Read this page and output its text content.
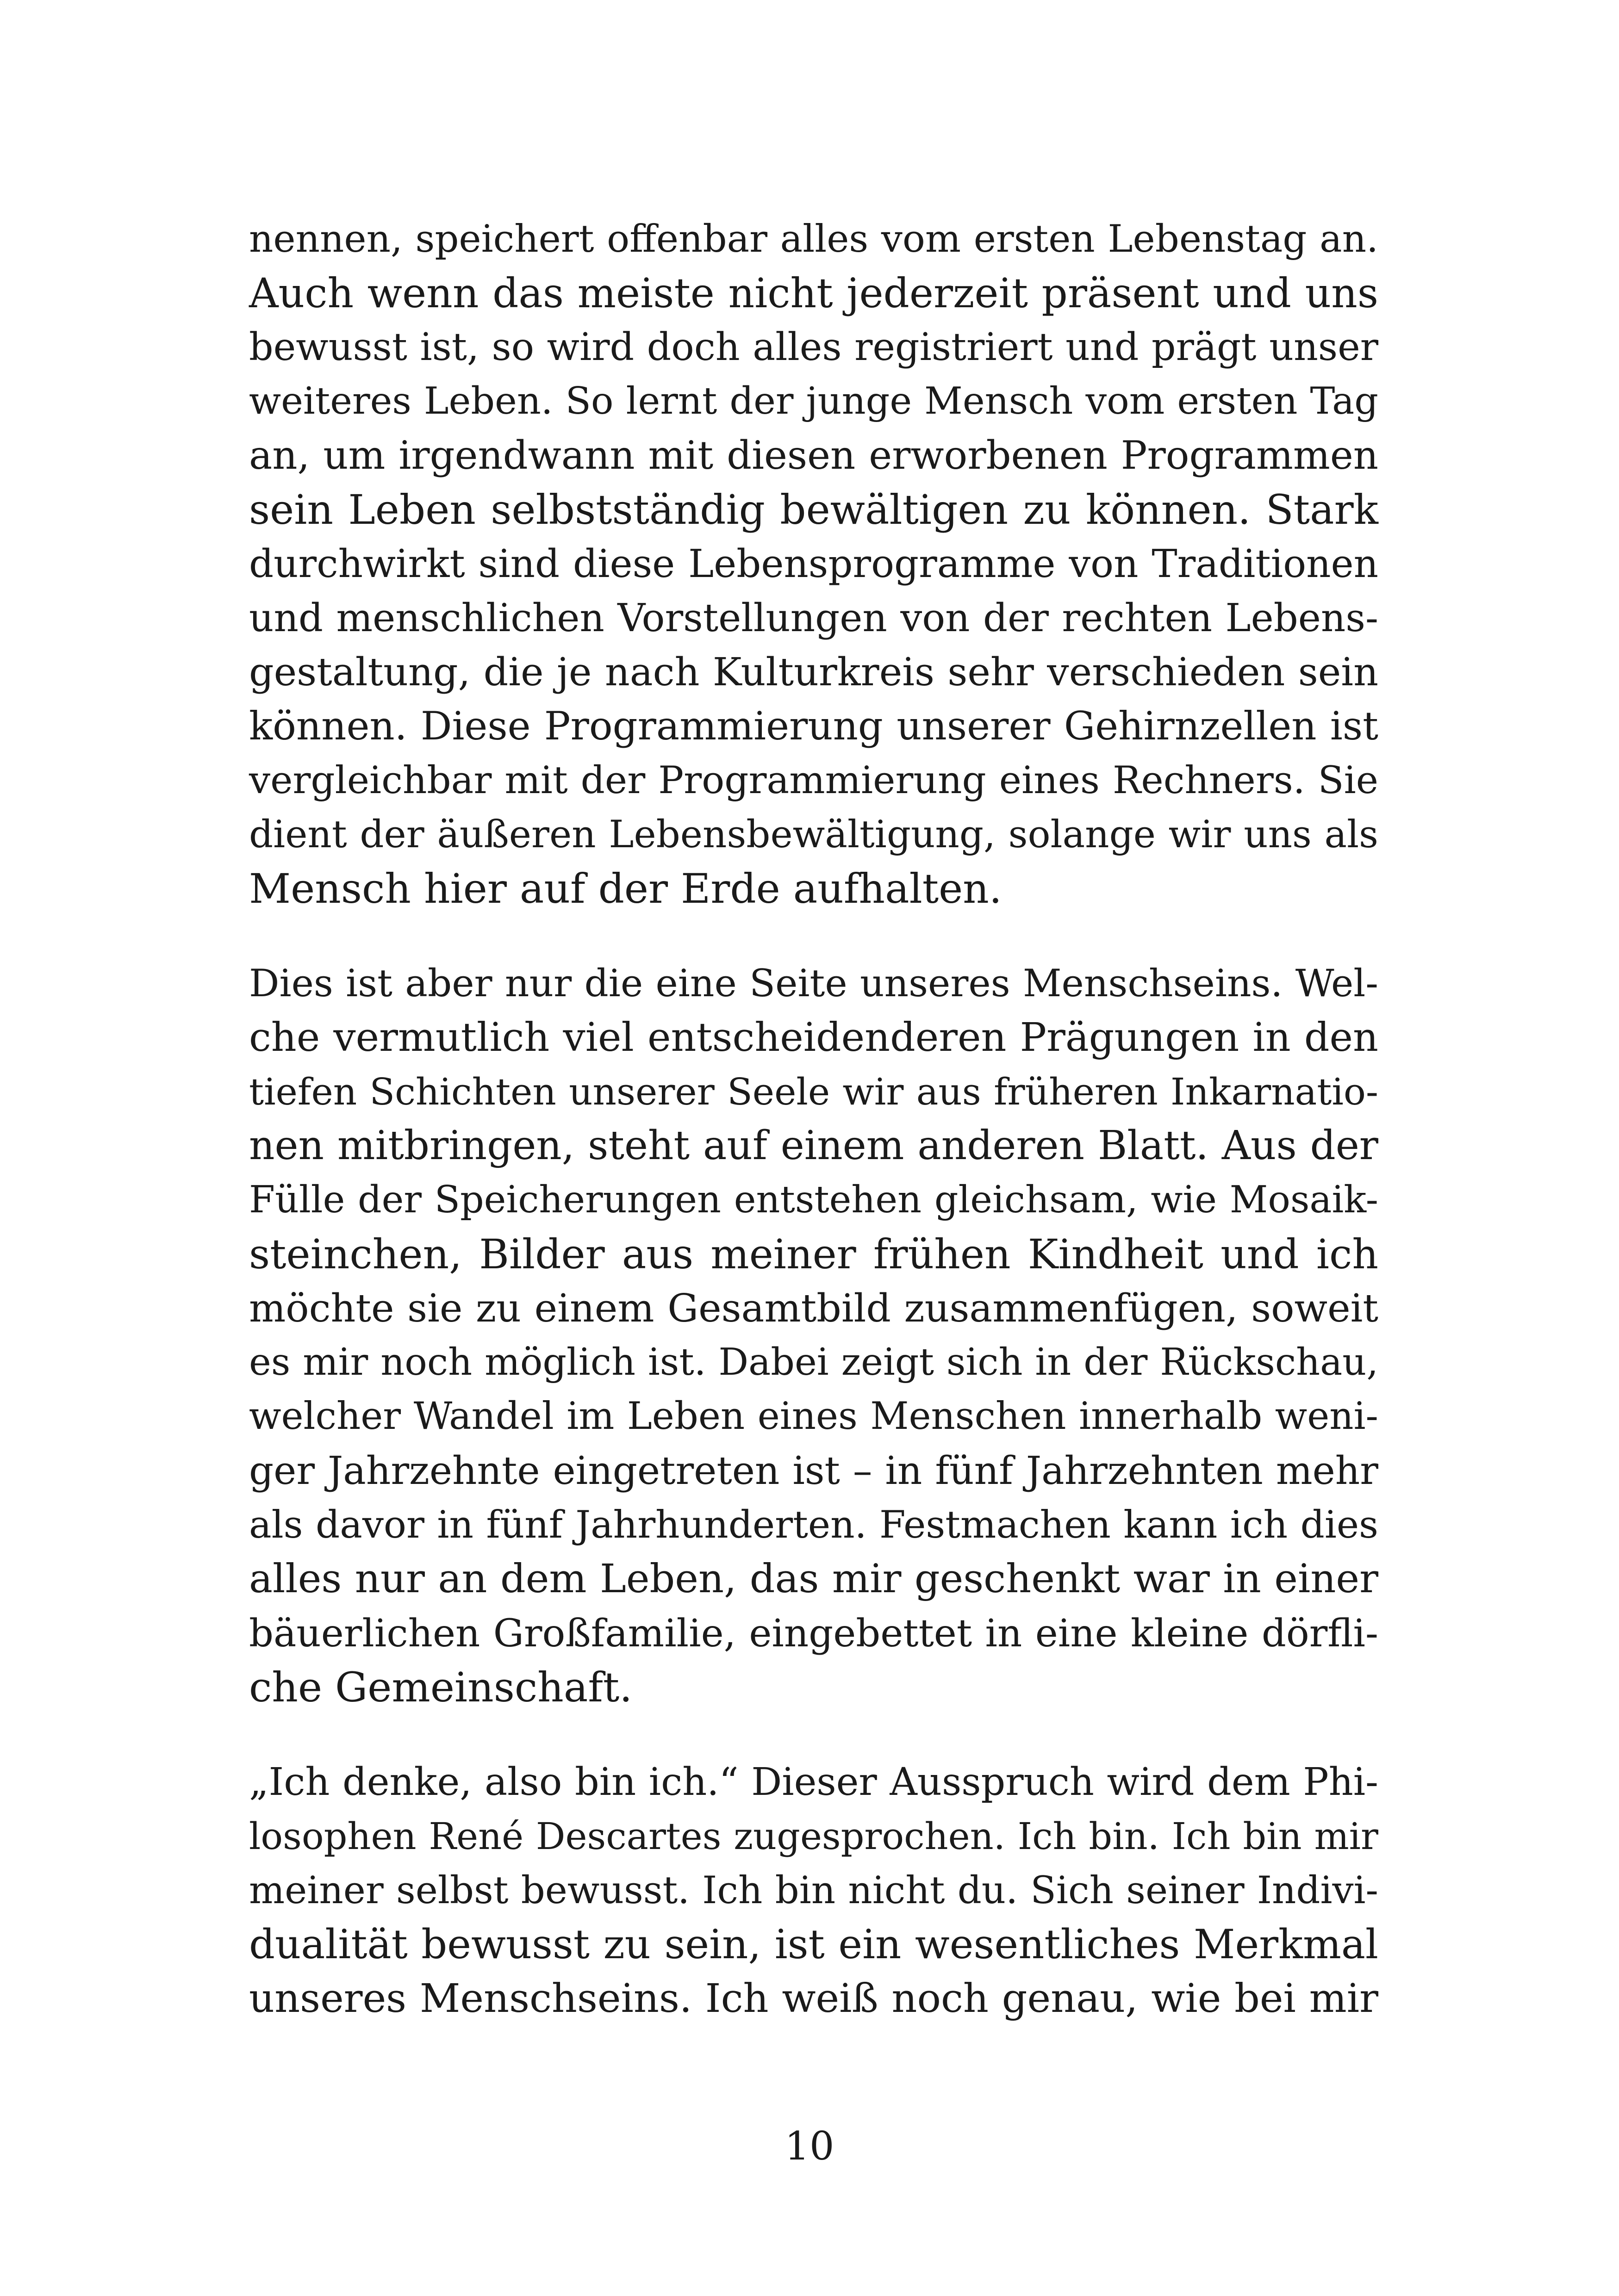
nennen, speichert offenbar alles vom ersten Lebenstag an.
Auch wenn das meiste nicht jederzeit präsent und uns
bewusst ist, so wird doch alles registriert und prägt unser
weiteres Leben. So lernt der junge Mensch vom ersten Tag
an, um irgendwann mit diesen erworbenen Programmen
sein Leben selbstständig bewältigen zu können. Stark
durchwirkt sind diese Lebensprogramme von Traditionen
und menschlichen Vorstellungen von der rechten Lebens-
gestaltung, die je nach Kulturkreis sehr verschieden sein
können. Diese Programmierung unserer Gehirnzellen ist
vergleichbar mit der Programmierung eines Rechners. Sie
dient der äußeren Lebensbewältigung, solange wir uns als
Mensch hier auf der Erde aufhalten.
Dies ist aber nur die eine Seite unseres Menschseins. Wel-
che vermutlich viel entscheidenderen Prägungen in den
tiefen Schichten unserer Seele wir aus früheren Inkarnatio-
nen mitbringen, steht auf einem anderen Blatt. Aus der
Fülle der Speicherungen entstehen gleichsam, wie Mosaik-
steinchen, Bilder aus meiner frühen Kindheit und ich
möchte sie zu einem Gesamtbild zusammenfügen, soweit
es mir noch möglich ist. Dabei zeigt sich in der Rückschau,
welcher Wandel im Leben eines Menschen innerhalb weni-
ger Jahrzehnte eingetreten ist – in fünf Jahrzehnten mehr
als davor in fünf Jahrhunderten. Festmachen kann ich dies
alles nur an dem Leben, das mir geschenkt war in einer
bäuerlichen Großfamilie, eingebettet in eine kleine dörfli-
che Gemeinschaft.
„Ich denke, also bin ich.“ Dieser Ausspruch wird dem Phi-
losophen René Descartes zugesprochen. Ich bin. Ich bin mir
meiner selbst bewusst. Ich bin nicht du. Sich seiner Indivi-
dualität bewusst zu sein, ist ein wesentliches Merkmal
unseres Menschseins. Ich weiß noch genau, wie bei mir
10
